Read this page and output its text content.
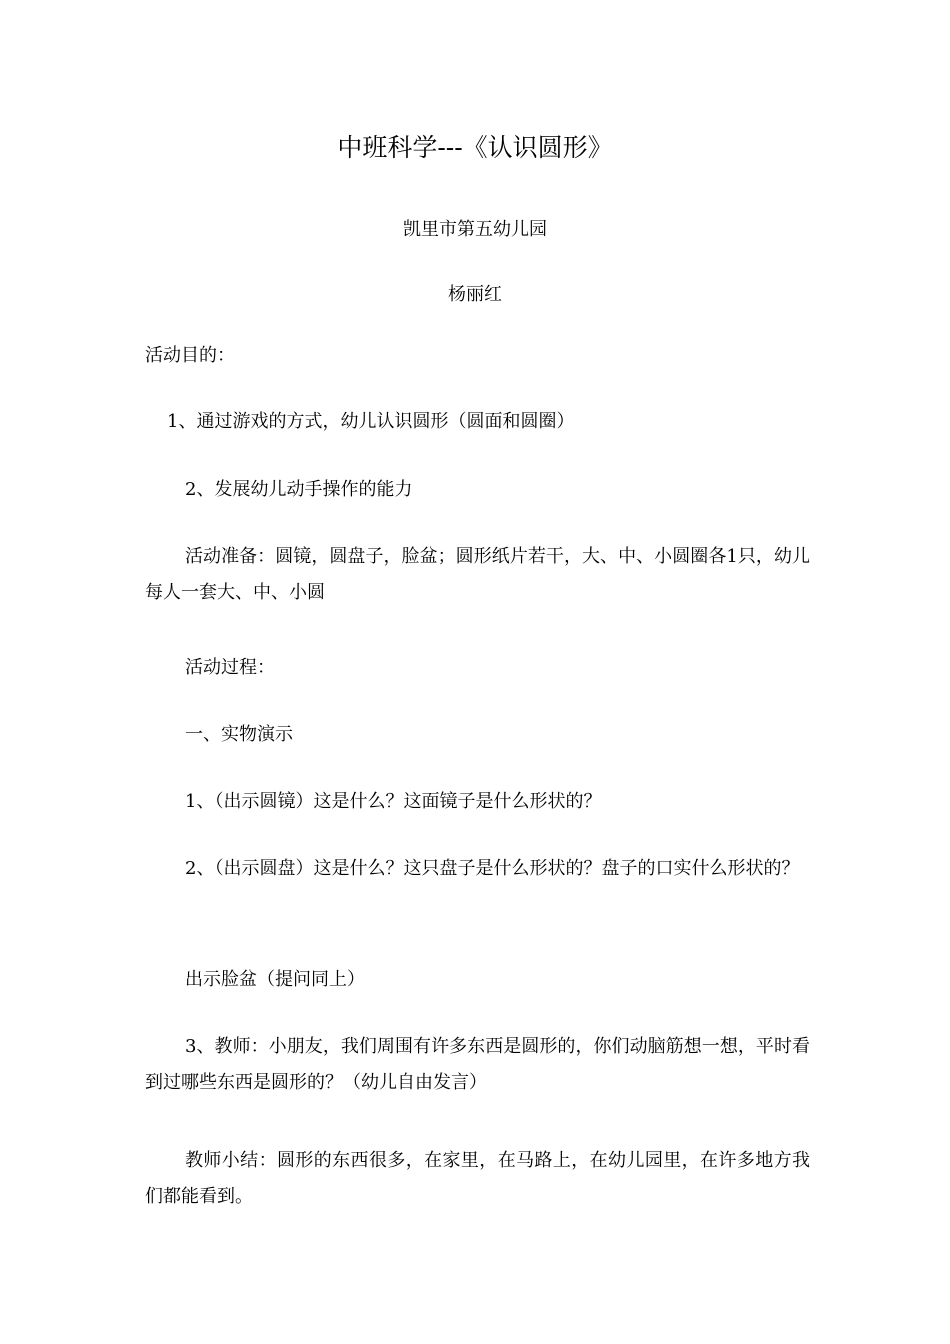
中班科学---《认识圆形》
凯里市第五幼儿园
杨丽红
活动目的：
1、通过游戏的方式，幼儿认识圆形（圆面和圆圈）
2、发展幼儿动手操作的能力
活动准备：圆镜，圆盘子，脸盆；圆形纸片若干，大、中、小圆圈各1只，幼儿每人一套大、中、小圆
活动过程：
一、实物演示
1、（出示圆镜）这是什么？这面镜子是什么形状的？
2、（出示圆盘）这是什么？这只盘子是什么形状的？盘子的口实什么形状的？
出示脸盆（提问同上）
3、教师：小朋友，我们周围有许多东西是圆形的，你们动脑筋想一想，平时看到过哪些东西是圆形的？（幼儿自由发言）
教师小结：圆形的东西很多，在家里，在马路上，在幼儿园里，在许多地方我们都能看到。
